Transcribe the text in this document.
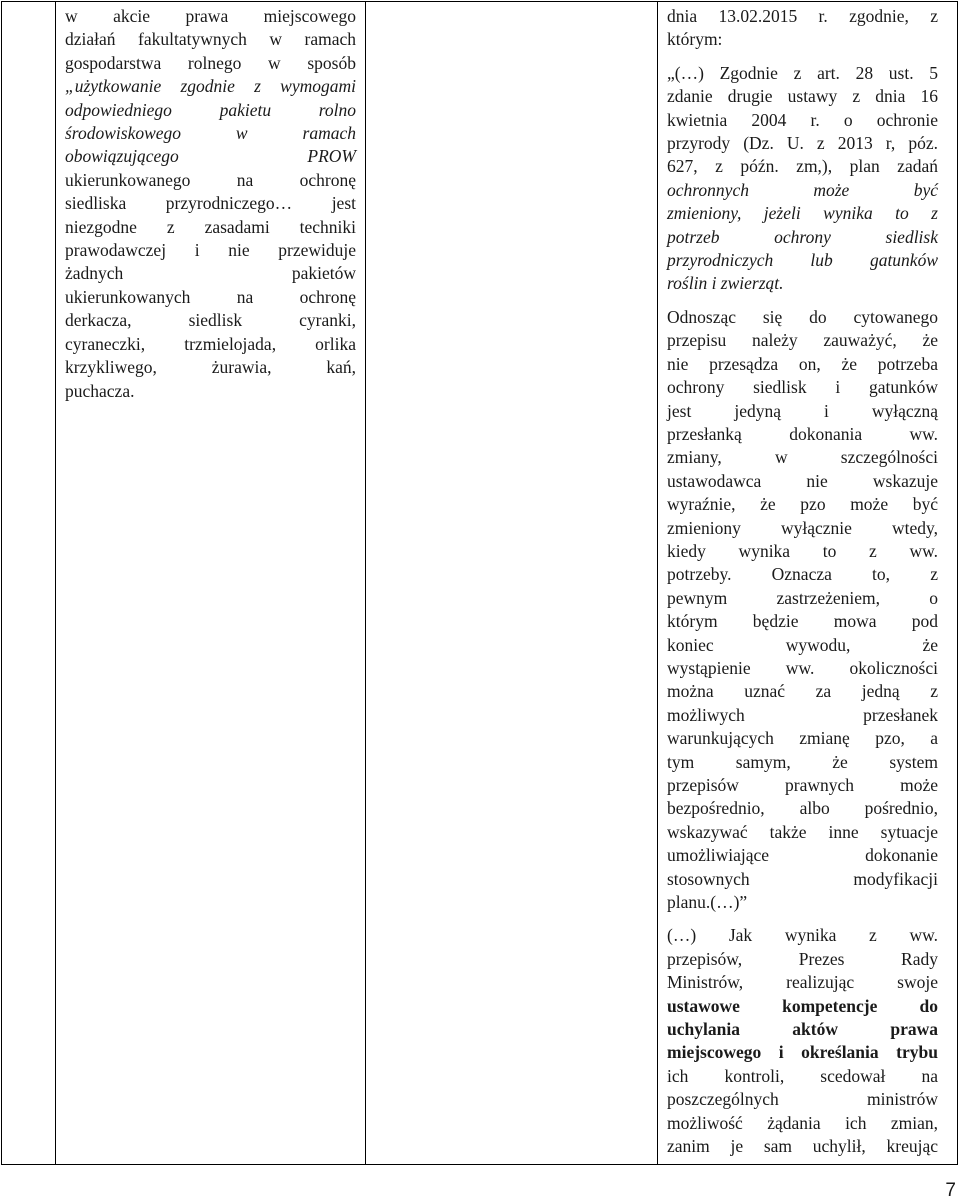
w akcie prawa miejscowego

działań fakultatywnych w ramach

gospodarstwa rolnego w sposób

„użytkowanie zgodnie z wymogami

odpowiedniego pakietu rolno

środowiskowego w ramach

obowiązującego PROW

ukierunkowanego na ochronę

siedliska przyrodniczego… jest

niezgodne z zasadami techniki

prawodawczej i nie przewiduje

żadnych pakietów

ukierunkowanych na ochronę

derkacza, siedlisk cyranki,

cyraneczki, trzmielojada, orlika

krzykliwego, żurawia, kań,

puchacza.

dnia 13.02.2015 r. zgodnie, z

którym:

„(…) Zgodnie z art. 28 ust. 5

zdanie drugie ustawy z dnia 16

kwietnia 2004 r. o ochronie

przyrody (Dz. U. z 2013 r, póz.

627, z późn. zm,), plan zadań

ochronnych może być

zmieniony, jeżeli wynika to z

potrzeb ochrony siedlisk

przyrodniczych lub gatunków

roślin i zwierząt.

Odnosząc się do cytowanego

przepisu należy zauważyć, że

nie przesądza on, że potrzeba

ochrony siedlisk i gatunków

jest jedyną i wyłączną

przesłanką dokonania ww.

zmiany, w szczególności

ustawodawca nie wskazuje

wyraźnie, że pzo może być

zmieniony wyłącznie wtedy,

kiedy wynika to z ww.

potrzeby. Oznacza to, z

pewnym zastrzeżeniem, o

którym będzie mowa pod

koniec wywodu, że

wystąpienie ww. okoliczności

można uznać za jedną z

możliwych przesłanek

warunkujących zmianę pzo, a

tym samym, że system

przepisów prawnych może

bezpośrednio, albo pośrednio,

wskazywać także inne sytuacje

umożliwiające dokonanie

stosownych modyfikacji

planu.(…)”

(…) Jak wynika z ww.

przepisów, Prezes Rady

Ministrów, realizując swoje

ustawowe kompetencje do

uchylania aktów prawa

miejscowego i określania trybu

ich kontroli, scedował na

poszczególnych ministrów

możliwość żądania ich zmian,

zanim je sam uchylił, kreując

7
